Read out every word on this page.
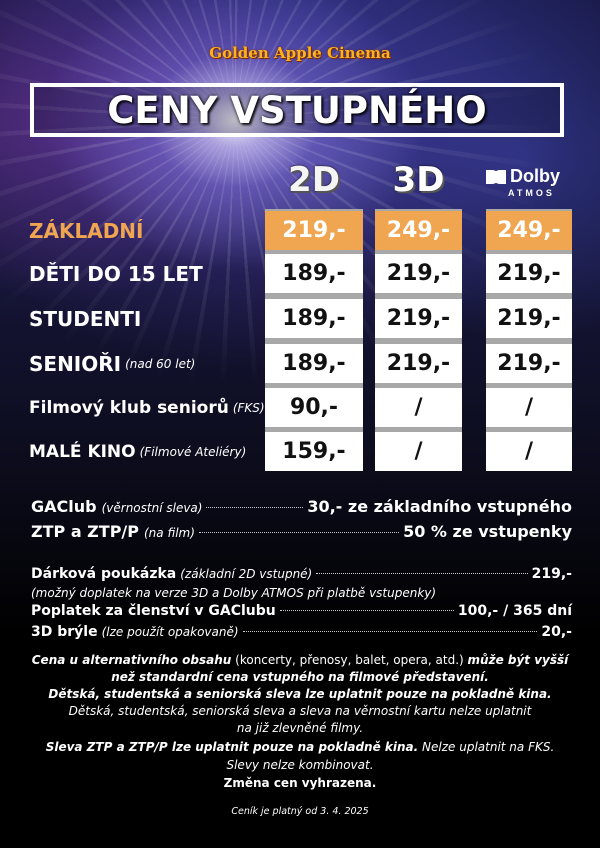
Golden Apple Cinema
CENY VSTUPNÉHO
2D	3D	Dolby
ATMOS
ZÁKLADNÍ	219,-	249,-	249,-
DĚTI DO 15 LET	189,-	219,-	219,-
STUDENTI	189,-	219,-	219,-
SENIOŘI (nad 60 let)	189,-	219,-	219,-
Filmový klub seniorů (FKS)	90,-	/	/
MALÉ KINO (Filmové Ateliéry)	159,-	/	/
GAClub (věrnostní sleva)	30,- ze základního vstupného
ZTP a ZTP/P (na film)	50 % ze vstupenky
Dárková poukázka (základní 2D vstupné)	219,-
(možný doplatek na verze 3D a Dolby ATMOS při platbě vstupenky)
Poplatek za členství v GAClubu	100,- / 365 dní
3D brýle (lze použít opakovaně)	20,-
Cena u alternativního obsahu (koncerty, přenosy, balet, opera, atd.) může být vyšší
než standardní cena vstupného na filmové představení.
Dětská, studentská a seniorská sleva lze uplatnit pouze na pokladně kina.
Dětská, studentská, seniorská sleva a sleva na věrnostní kartu nelze uplatnit
na již zlevněné filmy.
Sleva ZTP a ZTP/P lze uplatnit pouze na pokladně kina. Nelze uplatnit na FKS.
Slevy nelze kombinovat.
Změna cen vyhrazena.
Ceník je platný od 3. 4. 2025
